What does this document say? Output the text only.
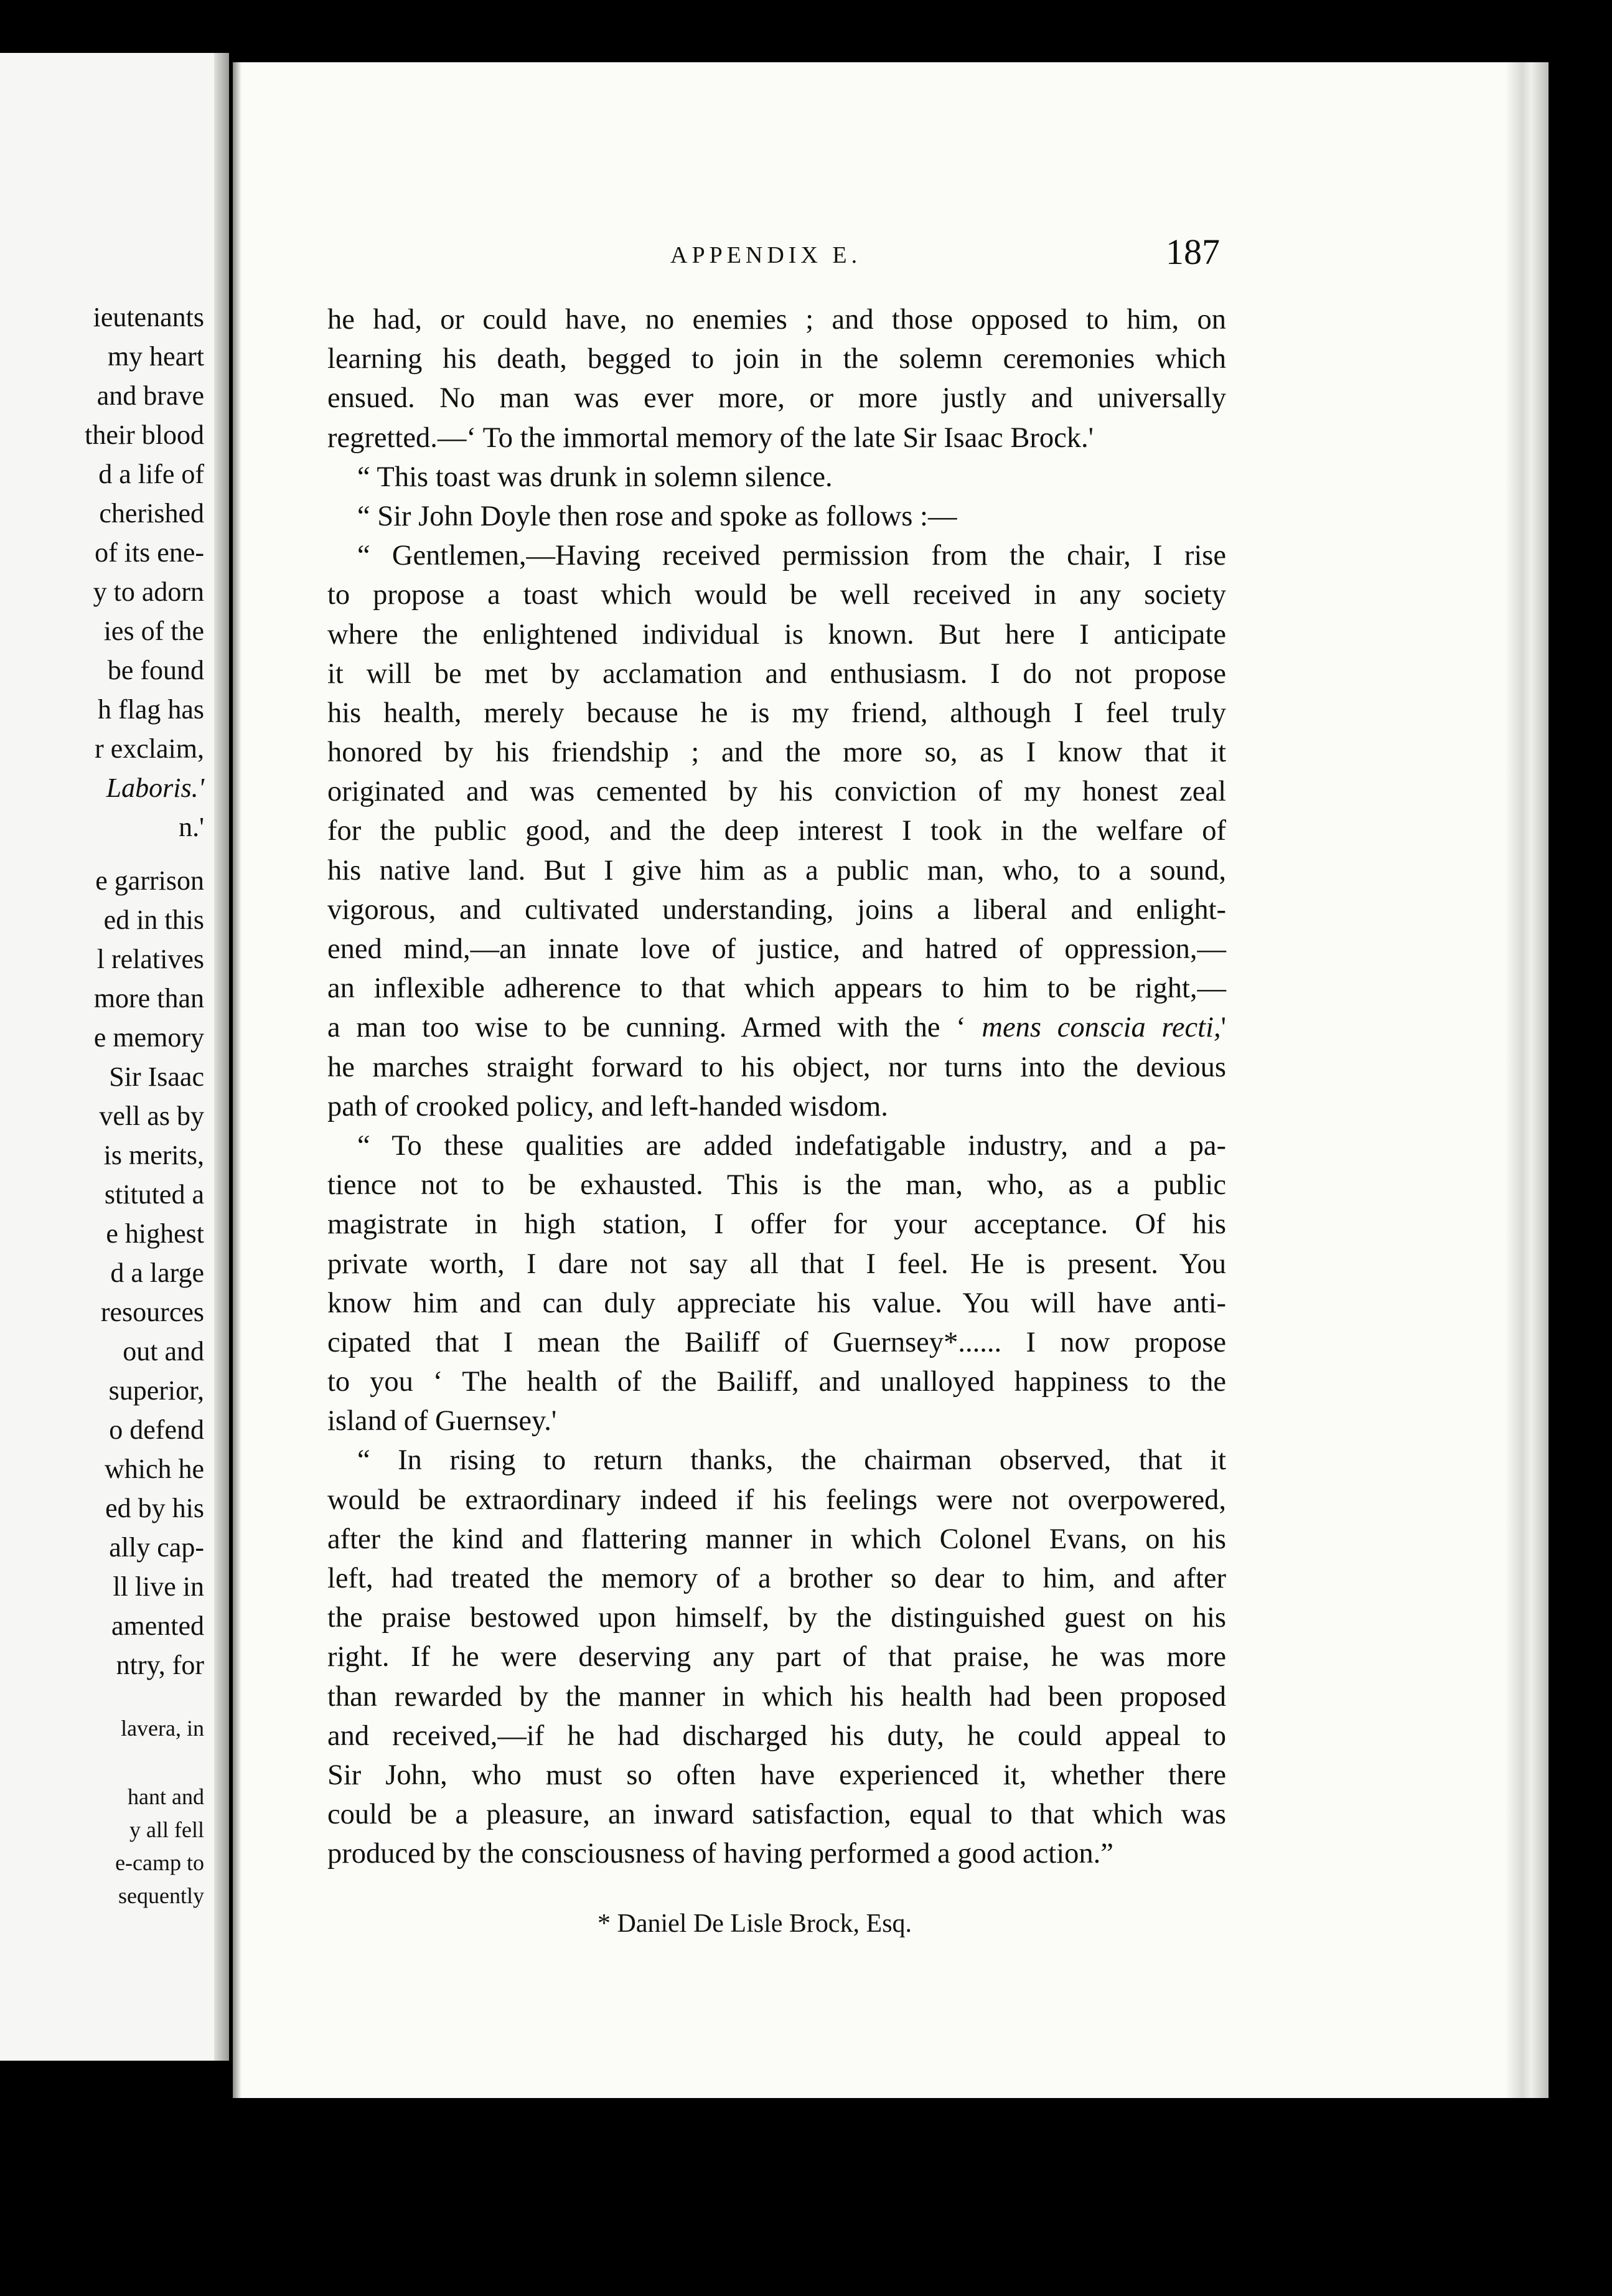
ieutenants
my heart
and brave
their blood
d a life of
cherished
of its ene-
y to adorn
ies of the
be found
h flag has
r exclaim,
Laboris.'
n.'
e garrison
ed in this
l relatives
more than
e memory
Sir Isaac
vell as by
is merits,
stituted a
e highest
d a large
resources
out and
superior,
o defend
which he
ed by his
ally cap-
ll live in
amented
ntry, for
lavera, in
hant and
y all fell
e-camp to
sequently
APPENDIX E.	187
he had, or could have, no enemies ; and those opposed to him, on
learning his death, begged to join in the solemn ceremonies which
ensued. No man was ever more, or more justly and universally
regretted.—‘ To the immortal memory of the late Sir Isaac Brock.'
“ This toast was drunk in solemn silence.
“ Sir John Doyle then rose and spoke as follows :—
“ Gentlemen,—Having received permission from the chair, I rise
to propose a toast which would be well received in any society
where the enlightened individual is known. But here I anticipate
it will be met by acclamation and enthusiasm. I do not propose
his health, merely because he is my friend, although I feel truly
honored by his friendship ; and the more so, as I know that it
originated and was cemented by his conviction of my honest zeal
for the public good, and the deep interest I took in the welfare of
his native land. But I give him as a public man, who, to a sound,
vigorous, and cultivated understanding, joins a liberal and enlight-
ened mind,—an innate love of justice, and hatred of oppression,—
an inflexible adherence to that which appears to him to be right,—
a man too wise to be cunning. Armed with the ‘ mens conscia recti,'
he marches straight forward to his object, nor turns into the devious
path of crooked policy, and left-handed wisdom.
“ To these qualities are added indefatigable industry, and a pa-
tience not to be exhausted. This is the man, who, as a public
magistrate in high station, I offer for your acceptance. Of his
private worth, I dare not say all that I feel. He is present. You
know him and can duly appreciate his value. You will have anti-
cipated that I mean the Bailiff of Guernsey*...... I now propose
to you ‘ The health of the Bailiff, and unalloyed happiness to the
island of Guernsey.'
“ In rising to return thanks, the chairman observed, that it
would be extraordinary indeed if his feelings were not overpowered,
after the kind and flattering manner in which Colonel Evans, on his
left, had treated the memory of a brother so dear to him, and after
the praise bestowed upon himself, by the distinguished guest on his
right. If he were deserving any part of that praise, he was more
than rewarded by the manner in which his health had been proposed
and received,—if he had discharged his duty, he could appeal to
Sir John, who must so often have experienced it, whether there
could be a pleasure, an inward satisfaction, equal to that which was
produced by the consciousness of having performed a good action.”
* Daniel De Lisle Brock, Esq.
